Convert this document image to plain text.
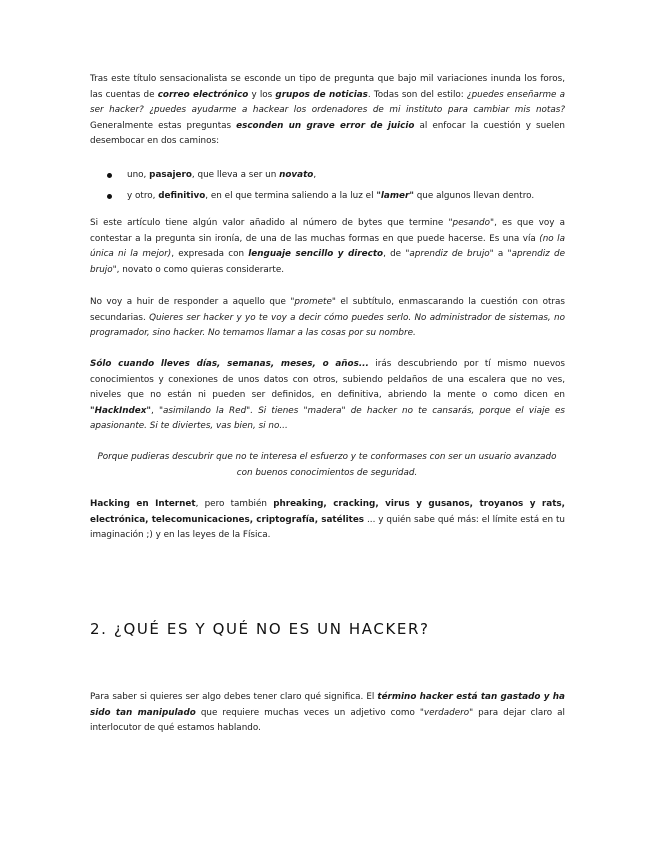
Tras este título sensacionalista se esconde un tipo de pregunta que bajo mil variaciones inunda los foros, las cuentas de correo electrónico y los grupos de noticias. Todas son del estilo: ¿puedes enseñarme a ser hacker? ¿puedes ayudarme a hackear los ordenadores de mi instituto para cambiar mis notas? Generalmente estas preguntas esconden un grave error de juicio al enfocar la cuestión y suelen desembocar en dos caminos:

uno, pasajero, que lleva a ser un novato,
y otro, definitivo, en el que termina saliendo a la luz el "lamer" que algunos llevan dentro.

Si este artículo tiene algún valor añadido al número de bytes que termine "pesando", es que voy a contestar a la pregunta sin ironía, de una de las muchas formas en que puede hacerse. Es una vía (no la única ni la mejor), expresada con lenguaje sencillo y directo, de "aprendiz de brujo" a "aprendiz de brujo", novato o como quieras considerarte.

No voy a huir de responder a aquello que "promete" el subtítulo, enmascarando la cuestión con otras secundarias. Quieres ser hacker y yo te voy a decir cómo puedes serlo. No administrador de sistemas, no programador, sino hacker. No temamos llamar a las cosas por su nombre.

Sólo cuando lleves días, semanas, meses, o años... irás descubriendo por tí mismo nuevos conocimientos y conexiones de unos datos con otros, subiendo peldaños de una escalera que no ves, niveles que no están ni pueden ser definidos, en definitiva, abriendo la mente o como dicen en "HackIndex", "asimilando la Red". Si tienes "madera" de hacker no te cansarás, porque el viaje es apasionante. Si te diviertes, vas bien, si no...

Porque pudieras descubrir que no te interesa el esfuerzo y te conformases con ser un usuario avanzado con buenos conocimientos de seguridad.

Hacking en Internet, pero también phreaking, cracking, virus y gusanos, troyanos y rats, electrónica, telecomunicaciones, criptografía, satélites ... y quién sabe qué más: el límite está en tu imaginación ;) y en las leyes de la Física.

2. ¿QUÉ ES Y QUÉ NO ES UN HACKER?

Para saber si quieres ser algo debes tener claro qué significa. El término hacker está tan gastado y ha sido tan manipulado que requiere muchas veces un adjetivo como "verdadero" para dejar claro al interlocutor de qué estamos hablando.
